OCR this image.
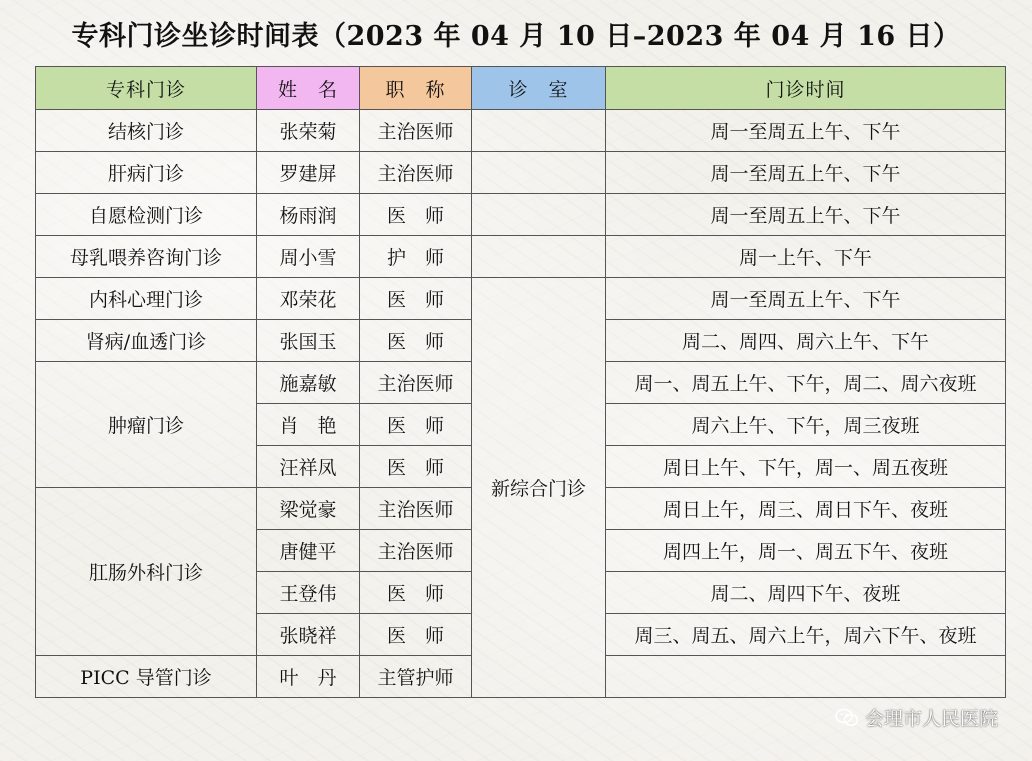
专科门诊坐诊时间表（2023 年 04 月 10 日–2023 年 04 月 16 日）
专科门诊	姓　名	职　称	诊　室	门诊时间	
结核门诊	张荣菊	主治医师		周一至周五上午、下午	
肝病门诊	罗建屏	主治医师		周一至周五上午、下午	
自愿检测门诊	杨雨润	医　师		周一至周五上午、下午	
母乳喂养咨询门诊	周小雪	护　师		周一上午、下午	
内科心理门诊	邓荣花	医　师	新综合门诊	周一至周五上午、下午	
肾病/血透门诊	张国玉	医　师		周二、周四、周六上午、下午	
肿瘤门诊	施嘉敏	主治医师		周一、周五上午、下午，周二、周六夜班	
	肖　艳	医　师		周六上午、下午，周三夜班	
	汪祥凤	医　师		周日上午、下午，周一、周五夜班	
肛肠外科门诊	梁觉豪	主治医师		周日上午，周三、周日下午、夜班	
	唐健平	主治医师		周四上午，周一、周五下午、夜班	
	王登伟	医　师		周二、周四下午、夜班	
	张晓祥	医　师		周三、周五、周六上午，周六下午、夜班	
PICC 导管门诊	叶　丹	主管护师		
会理市人民医院
